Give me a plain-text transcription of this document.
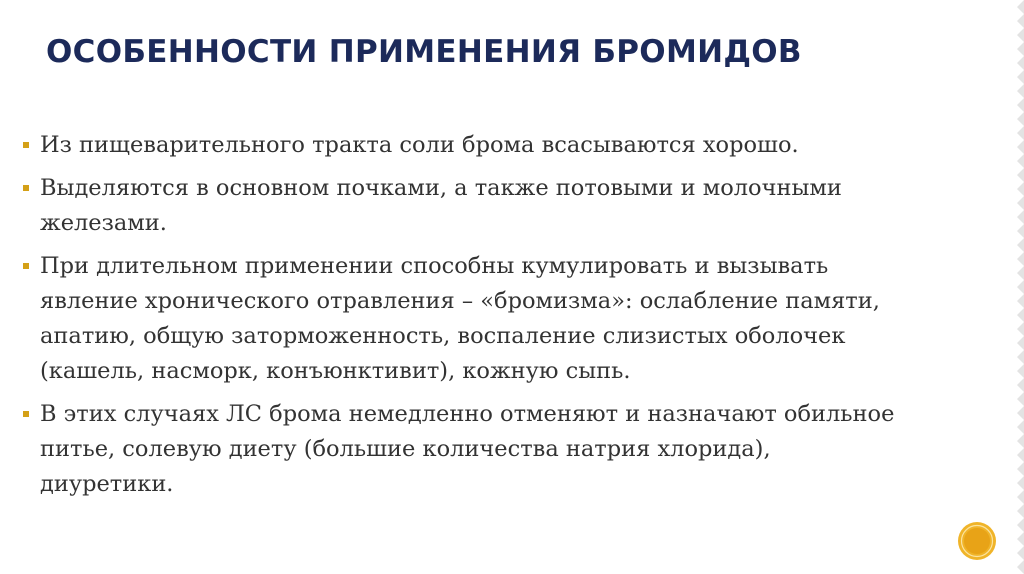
ОСОБЕННОСТИ ПРИМЕНЕНИЯ БРОМИДОВ
Из пищеварительного тракта соли брома всасываются хорошо.
Выделяются в основном почками, а также потовыми и молочными
железами.
При длительном применении способны кумулировать и вызывать
явление хронического отравления – «бромизма»: ослабление памяти,
апатию, общую заторможенность, воспаление слизистых оболочек
(кашель, насморк, конъюнктивит), кожную сыпь.
В этих случаях ЛС брома немедленно отменяют и назначают обильное
питье, солевую диету (большие количества натрия хлорида),
диуретики.
